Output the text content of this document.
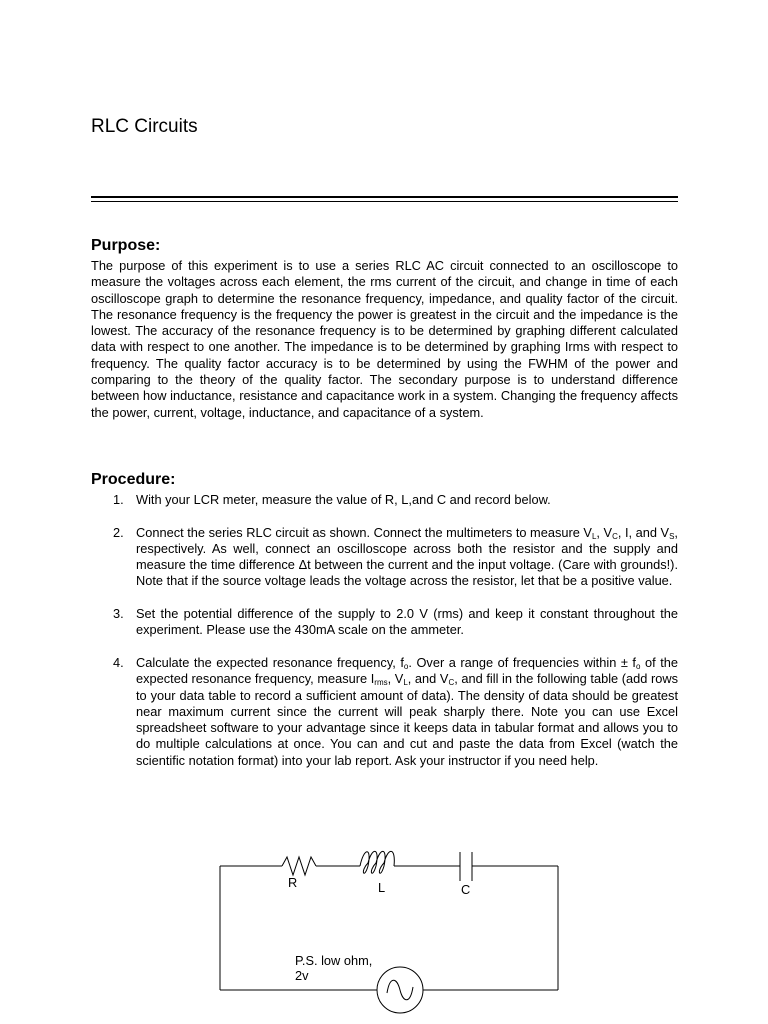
RLC Circuits
Purpose:

The purpose of this experiment is to use a series RLC AC circuit connected to an oscilloscope to measure the voltages across each element, the rms current of the circuit, and change in time of each oscilloscope graph to determine the resonance frequency, impedance, and quality factor of the circuit. The resonance frequency is the frequency the power is greatest in the circuit and the impedance is the lowest. The accuracy of the resonance frequency is to be determined by graphing different calculated data with respect to one another. The impedance is to be determined by graphing Irms with respect to frequency. The quality factor accuracy is to be determined by using the FWHM of the power and comparing to the theory of the quality factor. The secondary purpose is to understand difference between how inductance, resistance and capacitance work in a system. Changing the frequency affects the power, current, voltage, inductance, and capacitance of a system.

Procedure:
1. With your LCR meter, measure the value of R, L,and C and record below.
2. Connect the series RLC circuit as shown. Connect the multimeters to measure $V_L$, $V_C$, I, and $V_S$, respectively. As well, connect an oscilloscope across both the resistor and the supply and measure the time difference Δt between the current and the input voltage. (Care with grounds!). Note that if the source voltage leads the voltage across the resistor, let that be a positive value.
3. Set the potential difference of the supply to 2.0 V (rms) and keep it constant throughout the experiment. Please use the 430mA scale on the ammeter.
4. Calculate the expected resonance frequency, $f_o$. Over a range of frequencies within ± $f_o$ of the expected resonance frequency, measure $I_{rms}$, $V_L$, and $V_C$, and fill in the following table (add rows to your data table to record a sufficient amount of data). The density of data should be greatest near maximum current since the current will peak sharply there. Note you can use Excel spreadsheet software to your advantage since it keeps data in tabular format and allows you to do multiple calculations at once. You can and cut and paste the data from Excel (watch the scientific notation format) into your lab report. Ask your instructor if you need help.
R	L	C
P.S. low ohm,
2v
